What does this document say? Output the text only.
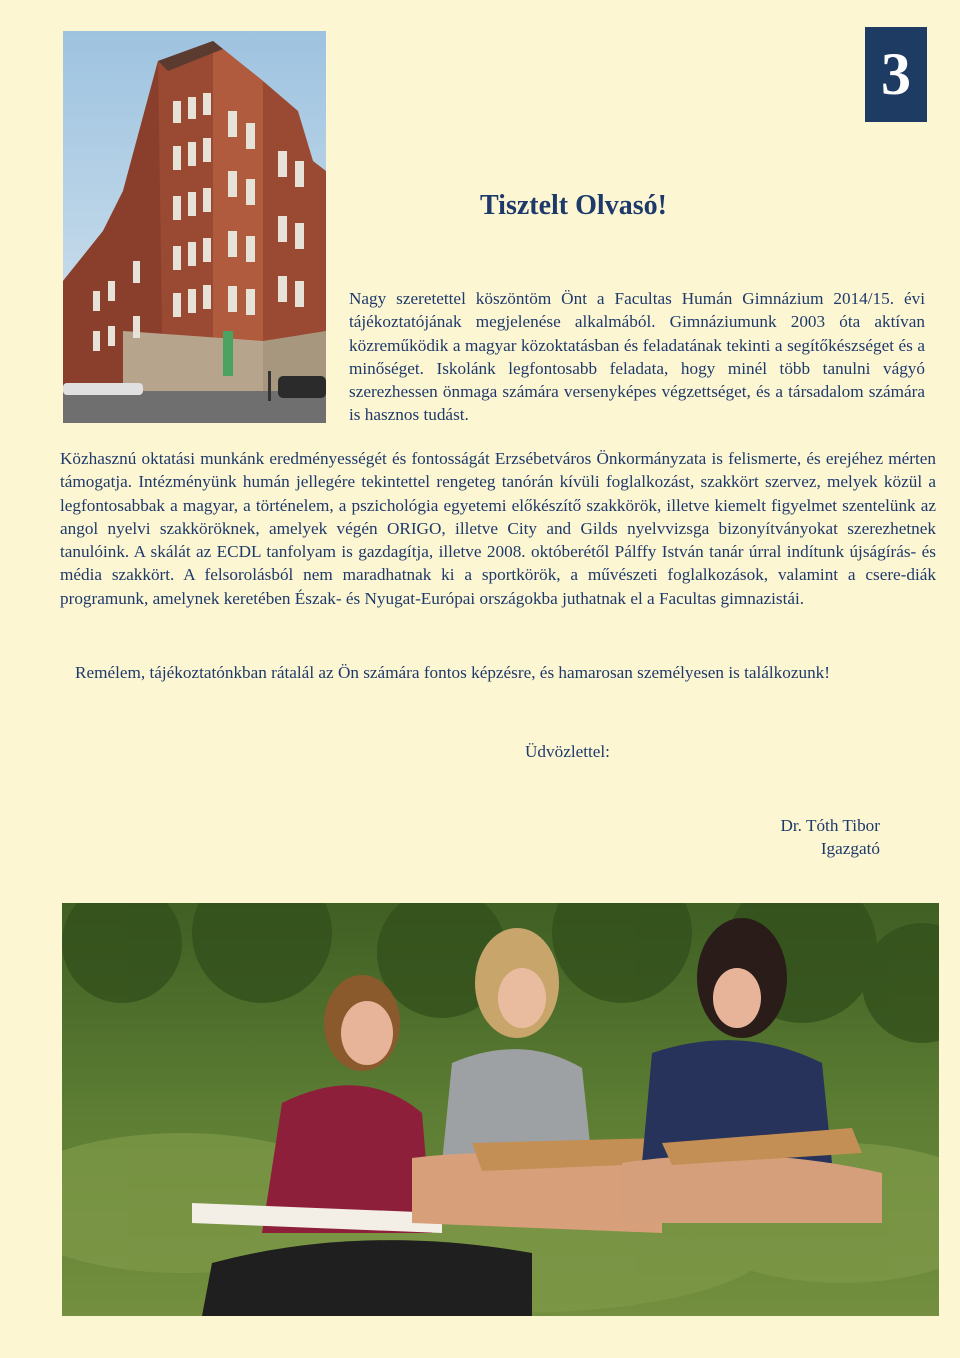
3
Tisztelt Olvasó!

Nagy szeretettel köszöntöm Önt a Facultas Humán Gimnázium 2014/15. évi tájékoztatójának megjelenése alkalmából. Gimnáziumunk 2003 óta aktívan közreműködik a magyar közoktatásban és feladatának tekinti a segítőkészséget és a minőséget. Iskolánk legfontosabb feladata, hogy minél több tanulni vágyó szerezhessen önmaga számára versenyképes végzettséget, és a társadalom számára is hasznos tudást.

Közhasznú oktatási munkánk eredményességét és fontosságát Erzsébetváros Önkormányzata is felismerte, és erejéhez mérten támogatja. Intézményünk humán jellegére tekintettel rengeteg tanórán kívüli foglalkozást, szakkört szervez, melyek közül a legfontosabbak a magyar, a történelem, a pszichológia egyetemi előkészítő szakkörök, illetve kiemelt figyelmet szentelünk az angol nyelvi szakköröknek, amelyek végén ORIGO, illetve City and Gilds nyelvvizsga bizonyítványokat szerezhetnek tanulóink. A skálát az ECDL tanfolyam is gazdagítja, illetve 2008. októberétől Pálffy István tanár úrral indítunk újságírás- és média szakkört. A felsorolásból nem maradhatnak ki a sportkörök, a művészeti foglalkozások, valamint a csere-diák programunk, amelynek keretében Észak- és Nyugat-Európai országokba juthatnak el a Facultas gimnazistái.

Remélem, tájékoztatónkban rátalál az Ön számára fontos képzésre, és hamarosan személyesen is találkozunk!

Üdvözlettel:

Dr. Tóth Tibor
Igazgató
